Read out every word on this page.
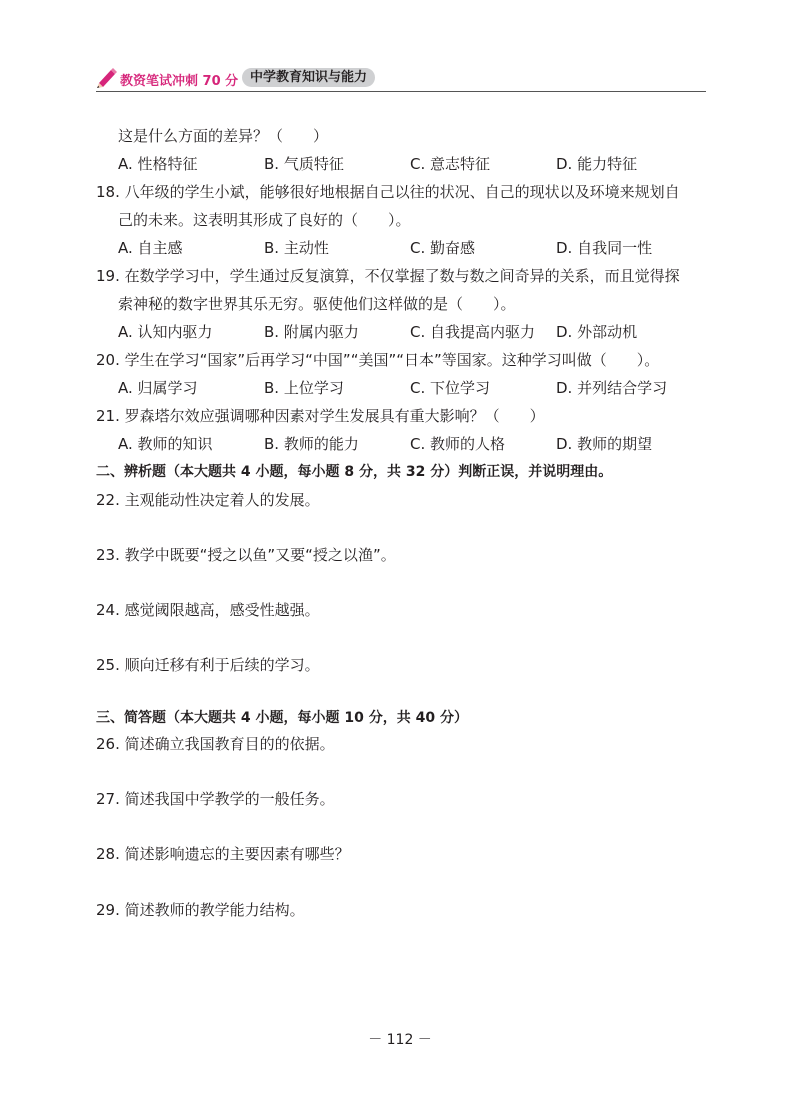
教资笔试冲刺 70 分 中学教育知识与能力
这是什么方面的差异？（　　）
A. 性格特征	B. 气质特征	C. 意志特征	D. 能力特征
18. 八年级的学生小斌，能够很好地根据自己以往的状况、自己的现状以及环境来规划自
己的未来。这表明其形成了良好的（　　）。
A. 自主感	B. 主动性	C. 勤奋感	D. 自我同一性
19. 在数学学习中，学生通过反复演算，不仅掌握了数与数之间奇异的关系，而且觉得探
索神秘的数字世界其乐无穷。驱使他们这样做的是（　　）。
A. 认知内驱力	B. 附属内驱力	C. 自我提高内驱力 D. 外部动机
20. 学生在学习“国家”后再学习“中国”“美国”“日本”等国家。这种学习叫做（　　）。
A. 归属学习	B. 上位学习	C. 下位学习	D. 并列结合学习
21. 罗森塔尔效应强调哪种因素对学生发展具有重大影响？（　　）
A. 教师的知识	B. 教师的能力	C. 教师的人格	D. 教师的期望
二、辨析题（本大题共 4 小题，每小题 8 分，共 32 分）判断正误，并说明理由。
22. 主观能动性决定着人的发展。
23. 教学中既要“授之以鱼”又要“授之以渔”。
24. 感觉阈限越高，感受性越强。
25. 顺向迁移有利于后续的学习。
三、简答题（本大题共 4 小题，每小题 10 分，共 40 分）
26. 简述确立我国教育目的的依据。
27. 简述我国中学教学的一般任务。
28. 简述影响遗忘的主要因素有哪些？
29. 简述教师的教学能力结构。
－ 112 －
